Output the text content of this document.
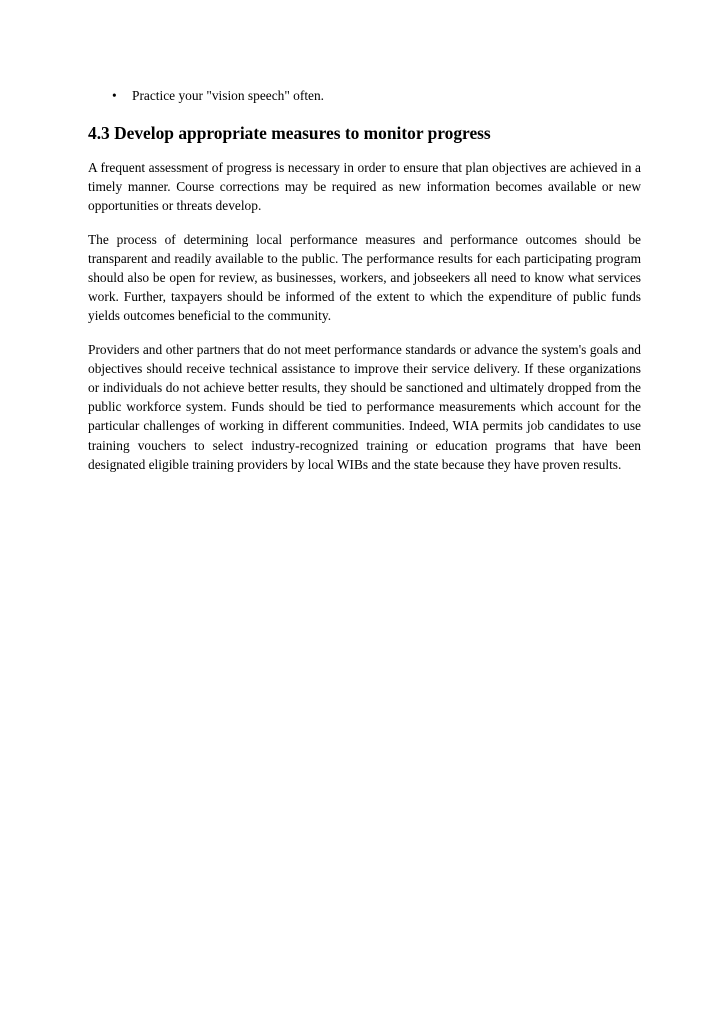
• Practice your "vision speech" often.
4.3 Develop appropriate measures to monitor progress

A frequent assessment of progress is necessary in order to ensure that plan objectives are achieved in a timely manner. Course corrections may be required as new information becomes available or new opportunities or threats develop.

The process of determining local performance measures and performance outcomes should be transparent and readily available to the public. The performance results for each participating program should also be open for review, as businesses, workers, and jobseekers all need to know what services work. Further, taxpayers should be informed of the extent to which the expenditure of public funds yields outcomes beneficial to the community.

Providers and other partners that do not meet performance standards or advance the system's goals and objectives should receive technical assistance to improve their service delivery. If these organizations or individuals do not achieve better results, they should be sanctioned and ultimately dropped from the public workforce system. Funds should be tied to performance measurements which account for the particular challenges of working in different communities. Indeed, WIA permits job candidates to use training vouchers to select industry-recognized training or education programs that have been designated eligible training providers by local WIBs and the state because they have proven results.
